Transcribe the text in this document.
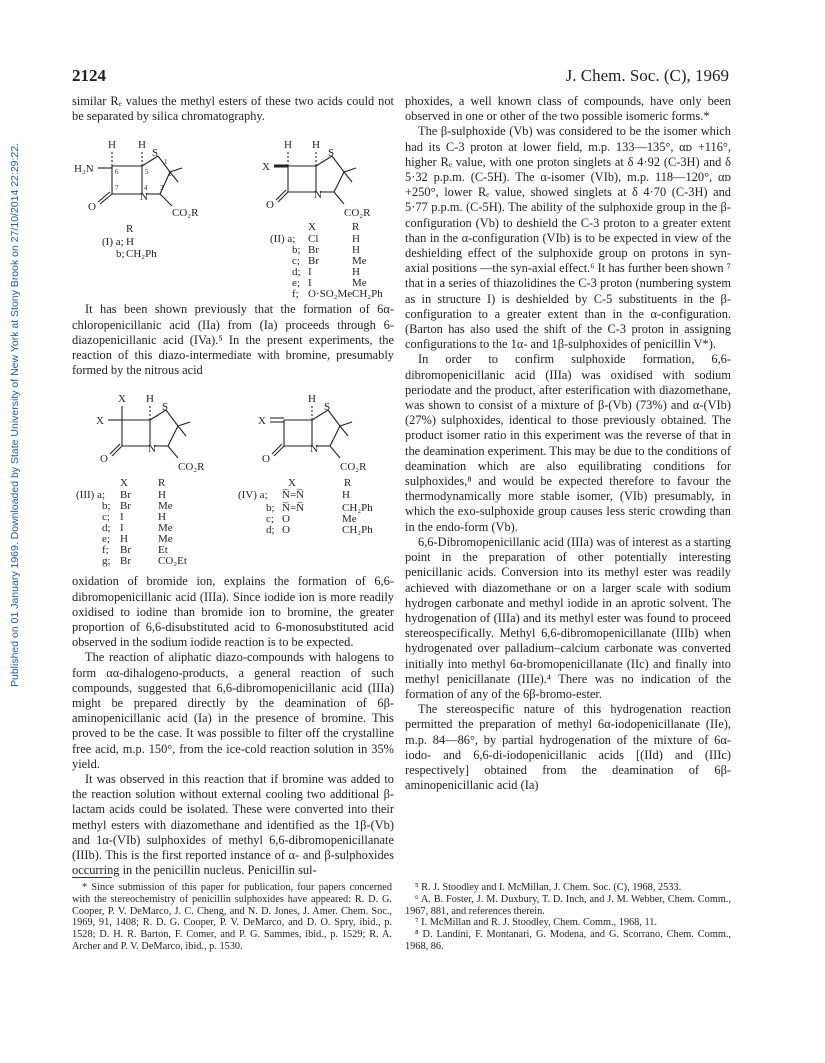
2124	J. Chem. Soc. (C), 1969
Published on 01 January 1969. Downloaded by State University of New York at Stony Brook on 27/10/2014 22:29:22.

similar Rₑ values the methyl esters of these two acids could not be separated by silica chromatography.

H H
S
H₂N
N
O	CO₂R
1
2
3
4
5
6
7
R
(I) a; H
b; CH₂Ph
H H
S
X
N
O
CO₂R
X	R
(II) a; Cl	H
b; Br	H
c; Br	Me
d; I	H
e; I	Me
f; O·SO₂Me CH₂Ph

It has been shown previously that the formation of 6α-chloropenicillanic acid (IIa) from (Ia) proceeds through 6-diazopenicillanic acid (IVa).⁵ In the present experiments, the reaction of this diazo-intermediate with bromine, presumably formed by the nitrous acid

X H
S
X
N
O
CO₂R
X	R
(III) a; Br H
b; Br Me
c; I	H
d; I	Me
e; H	Me
f; Br Et
g; Br CO₂Et
H
S
X
N
O
CO₂R
X	R
(IV) a; N̅=N̅	H
b; N̅=N̅	CH₂Ph
c; O	Me
d; O	CH₂Ph

oxidation of bromide ion, explains the formation of 6,6-dibromopenicillanic acid (IIIa). Since iodide ion is more readily oxidised to iodine than bromide ion to bromine, the greater proportion of 6,6-disubstituted acid to 6-monosubstituted acid observed in the sodium iodide reaction is to be expected.

The reaction of aliphatic diazo-compounds with halogens to form αα-dihalogeno-products, a general reaction of such compounds, suggested that 6,6-dibromopenicillanic acid (IIIa) might be prepared directly by the deamination of 6β-aminopenicillanic acid (Ia) in the presence of bromine. This proved to be the case. It was possible to filter off the crystalline free acid, m.p. 150°, from the ice-cold reaction solution in 35% yield.

It was observed in this reaction that if bromine was added to the reaction solution without external cooling two additional β-lactam acids could be isolated. These were converted into their methyl esters with diazomethane and identified as the 1β-(Vb) and 1α-(VIb) sulphoxides of methyl 6,6-dibromopenicillanate (IIIb). This is the first reported instance of α- and β-sulphoxides occurring in the penicillin nucleus. Penicillin sul-

phoxides, a well known class of compounds, have only been observed in one or other of the two possible isomeric forms.*

The β-sulphoxide (Vb) was considered to be the isomer which had its C-3 proton at lower field, m.p. 133—135°, αᴅ +116°, higher Rₑ value, with one proton singlets at δ 4·92 (C-3H) and δ 5·32 p.p.m. (C-5H). The α-isomer (VIb), m.p. 118—120°, αᴅ +250°, lower Rₑ value, showed singlets at δ 4·70 (C-3H) and 5·77 p.p.m. (C-5H). The ability of the sulphoxide group in the β-configuration (Vb) to deshield the C-3 proton to a greater extent than in the α-configuration (VIb) is to be expected in view of the deshielding effect of the sulphoxide group on protons in syn-axial positions —the syn-axial effect.⁶ It has further been shown ⁷ that in a series of thiazolidines the C-3 proton (numbering system as in structure I) is deshielded by C-5 substituents in the β-configuration to a greater extent than in the α-configuration. (Barton has also used the shift of the C-3 proton in assigning configurations to the 1α- and 1β-sulphoxides of penicillin V*).

In order to confirm sulphoxide formation, 6,6-dibromopenicillanic acid (IIIa) was oxidised with sodium periodate and the product, after esterification with diazomethane, was shown to consist of a mixture of β-(Vb) (73%) and α-(VIb) (27%) sulphoxides, identical to those previously obtained. The product isomer ratio in this experiment was the reverse of that in the deamination experiment. This may be due to the conditions of deamination which are also equilibrating conditions for sulphoxides,⁸ and would be expected therefore to favour the thermodynamically more stable isomer, (VIb) presumably, in which the exo-sulphoxide group causes less steric crowding than in the endo-form (Vb).

6,6-Dibromopenicillanic acid (IIIa) was of interest as a starting point in the preparation of other potentially interesting penicillanic acids. Conversion into its methyl ester was readily achieved with diazomethane or on a larger scale with sodium hydrogen carbonate and methyl iodide in an aprotic solvent. The hydrogenation of (IIIa) and its methyl ester was found to proceed stereospecifically. Methyl 6,6-dibromopenicillanate (IIIb) when hydrogenated over palladium–calcium carbonate was converted initially into methyl 6α-bromopenicillanate (IIc) and finally into methyl penicillanate (IIIe).⁴ There was no indication of the formation of any of the 6β-bromo-ester.

The stereospecific nature of this hydrogenation reaction permitted the preparation of methyl 6α-iodopenicillanate (IIe), m.p. 84—86°, by partial hydrogenation of the mixture of 6α-iodo- and 6,6-di-iodopenicillanic acids [(IId) and (IIIc) respectively] obtained from the deamination of 6β-aminopenicillanic acid (Ia)

* Since submission of this paper for publication, four papers concerned with the stereochemistry of penicillin sulphoxides have appeared: R. D. G. Cooper, P. V. DeMarco, J. C. Cheng, and N. D. Jones, J. Amer. Chem. Soc., 1969, 91, 1408; R. D. G. Cooper, P. V. DeMarco, and D. O. Spry, ibid., p. 1528; D. H. R. Barton, F. Comer, and P. G. Sammes, ibid., p. 1529; R. A. Archer and P. V. DeMarco, ibid., p. 1530.

⁵ R. J. Stoodley and I. McMillan, J. Chem. Soc. (C), 1968, 2533.

⁶ A. B. Foster, J. M. Duxbury, T. D. Inch, and J. M. Webber, Chem. Comm., 1967, 881, and references therein.

⁷ I. McMillan and R. J. Stoodley, Chem. Comm., 1968, 11.

⁸ D. Landini, F. Montanari, G. Modena, and G. Scorrano, Chem. Comm., 1968, 86.
